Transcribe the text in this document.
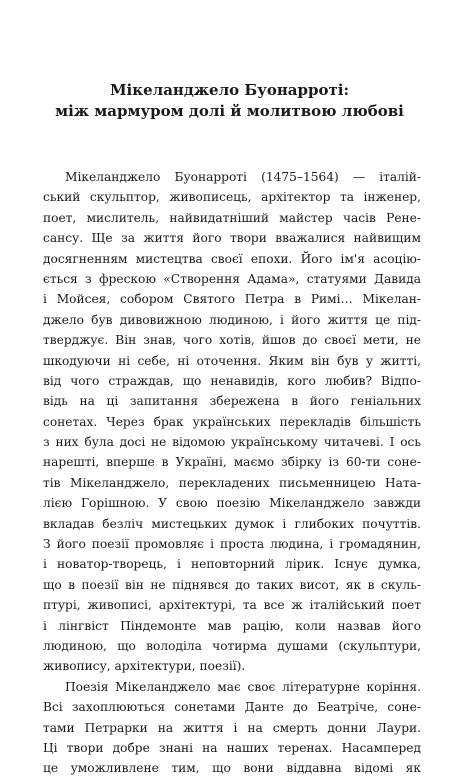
Мікеланджело Буонарроті:
між мармуром долі й молитвою любові
Мікеланджело Буонарроті (1475–1564) — італій-
ський скульптор, живописець, архітектор та інженер,
поет, мислитель, найвидатніший майстер часів Ренe-
сансу. Ще за життя його твори вважалися найвищим
досягненням мистецтва своєї епохи. Його ім'я асоцію-
ється з фрескою «Створення Адама», статуями Давида
і Мойсея, собором Святого Петра в Римі… Мікелан-
джело був дивовижною людиною, і його життя це під-
тверджує. Він знав, чого хотів, йшов до своєї мети, не
шкодуючи ні себе, ні оточення. Яким він був у житті,
від чого страждав, що ненавидів, кого любив? Відпо-
відь на ці запитання збережена в його геніальних
сонетах. Через брак українських перекладів більшість
з них була досі не відомою українському читачеві. І ось
нарешті, вперше в Україні, маємо збірку із 60-ти соне-
тів Мікеланджело, перекладених письменницею Ната-
лією Горішною. У свою поезію Мікеланджело завжди
вкладав безліч мистецьких думок і глибоких почуттів.
З його поезії промовляє і проста людина, і громадянин,
і новатор-творець, і неповторний лірик. Існує думка,
що в поезії він не піднявся до таких висот, як в скуль-
птурі, живописі, архітектурі, та все ж італійський поет
і лінгвіст Піндемонте мав рацію, коли назвав його
людиною, що володіла чотирма душами (скульптури,
живопису, архітектури, поезії).
Поезія Мікеланджело має своє літературне коріння.
Всі захоплюються сонетами Данте до Беатріче, соне-
тами Петрарки на життя і на смерть донни Лаури.
Ці твори добре знані на наших теренах. Насамперед
це уможливлене тим, що вони віддавна відомі як
